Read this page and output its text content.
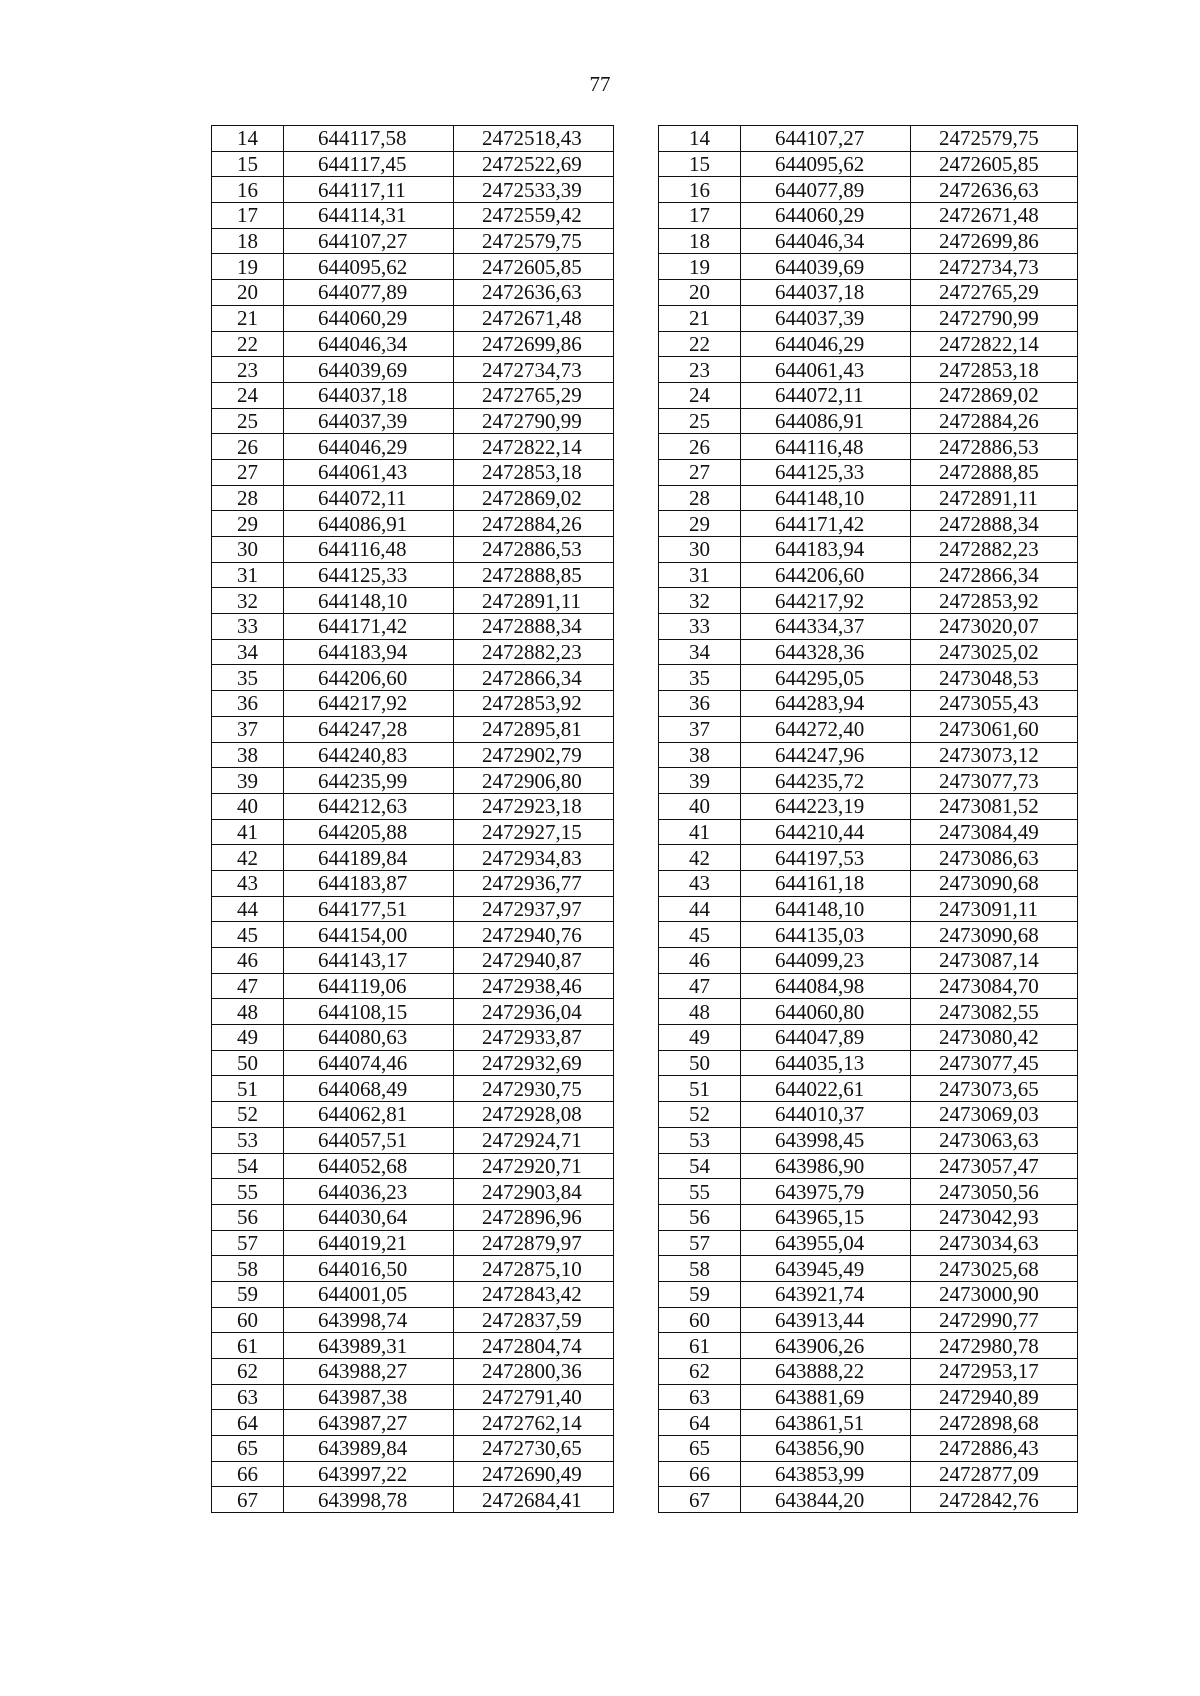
77
14	644117,58	2472518,43		14	644107,27	2472579,75
15	644117,45	2472522,69		15	644095,62	2472605,85
16	644117,11	2472533,39		16	644077,89	2472636,63
17	644114,31	2472559,42		17	644060,29	2472671,48
18	644107,27	2472579,75		18	644046,34	2472699,86
19	644095,62	2472605,85		19	644039,69	2472734,73
20	644077,89	2472636,63		20	644037,18	2472765,29
21	644060,29	2472671,48		21	644037,39	2472790,99
22	644046,34	2472699,86		22	644046,29	2472822,14
23	644039,69	2472734,73		23	644061,43	2472853,18
24	644037,18	2472765,29		24	644072,11	2472869,02
25	644037,39	2472790,99		25	644086,91	2472884,26
26	644046,29	2472822,14		26	644116,48	2472886,53
27	644061,43	2472853,18		27	644125,33	2472888,85
28	644072,11	2472869,02		28	644148,10	2472891,11
29	644086,91	2472884,26		29	644171,42	2472888,34
30	644116,48	2472886,53		30	644183,94	2472882,23
31	644125,33	2472888,85		31	644206,60	2472866,34
32	644148,10	2472891,11		32	644217,92	2472853,92
33	644171,42	2472888,34		33	644334,37	2473020,07
34	644183,94	2472882,23		34	644328,36	2473025,02
35	644206,60	2472866,34		35	644295,05	2473048,53
36	644217,92	2472853,92		36	644283,94	2473055,43
37	644247,28	2472895,81		37	644272,40	2473061,60
38	644240,83	2472902,79		38	644247,96	2473073,12
39	644235,99	2472906,80		39	644235,72	2473077,73
40	644212,63	2472923,18		40	644223,19	2473081,52
41	644205,88	2472927,15		41	644210,44	2473084,49
42	644189,84	2472934,83		42	644197,53	2473086,63
43	644183,87	2472936,77		43	644161,18	2473090,68
44	644177,51	2472937,97		44	644148,10	2473091,11
45	644154,00	2472940,76		45	644135,03	2473090,68
46	644143,17	2472940,87		46	644099,23	2473087,14
47	644119,06	2472938,46		47	644084,98	2473084,70
48	644108,15	2472936,04		48	644060,80	2473082,55
49	644080,63	2472933,87		49	644047,89	2473080,42
50	644074,46	2472932,69		50	644035,13	2473077,45
51	644068,49	2472930,75		51	644022,61	2473073,65
52	644062,81	2472928,08		52	644010,37	2473069,03
53	644057,51	2472924,71		53	643998,45	2473063,63
54	644052,68	2472920,71		54	643986,90	2473057,47
55	644036,23	2472903,84		55	643975,79	2473050,56
56	644030,64	2472896,96		56	643965,15	2473042,93
57	644019,21	2472879,97		57	643955,04	2473034,63
58	644016,50	2472875,10		58	643945,49	2473025,68
59	644001,05	2472843,42		59	643921,74	2473000,90
60	643998,74	2472837,59		60	643913,44	2472990,77
61	643989,31	2472804,74		61	643906,26	2472980,78
62	643988,27	2472800,36		62	643888,22	2472953,17
63	643987,38	2472791,40		63	643881,69	2472940,89
64	643987,27	2472762,14		64	643861,51	2472898,68
65	643989,84	2472730,65		65	643856,90	2472886,43
66	643997,22	2472690,49		66	643853,99	2472877,09
67	643998,78	2472684,41		67	643844,20	2472842,76
